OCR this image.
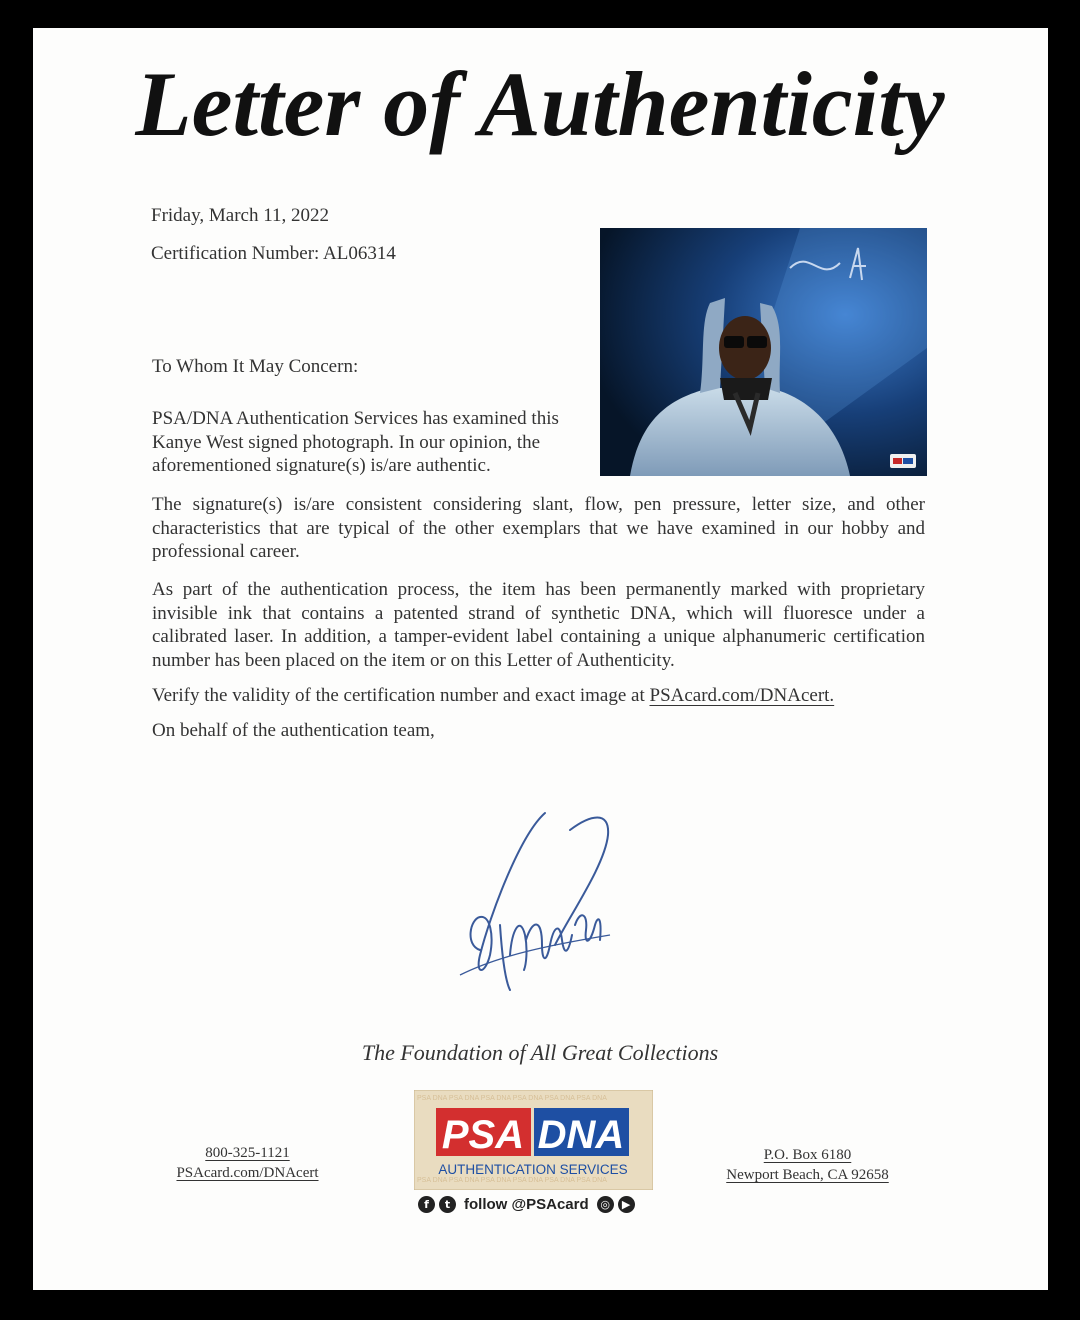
Letter of Authenticity
Friday, March 11, 2022
Certification Number: AL06314
To Whom It May Concern:
PSA/DNA Authentication Services has examined this Kanye West signed photograph. In our opinion, the aforementioned signature(s) is/are authentic.
The signature(s) is/are consistent considering slant, flow, pen pressure, letter size, and other characteristics that are typical of the other exemplars that we have examined in our hobby and professional career.
As part of the authentication process, the item has been permanently marked with proprietary invisible ink that contains a patented strand of synthetic DNA, which will fluoresce under a calibrated laser. In addition, a tamper-evident label containing a unique alphanumeric certification number has been placed on the item or on this Letter of Authenticity.
Verify the validity of the certification number and exact image at PSAcard.com/DNAcert.
On behalf of the authentication team,
The Foundation of All Great Collections
800-325-1121
PSAcard.com/DNAcert
PSA DNA PSA DNA PSA DNA PSA DNA PSA DNA PSA DNA
PSA DNA PSA DNA PSA DNA PSA DNA PSA DNA PSA DNA
PSA DNA
AUTHENTICATION SERVICES
f	t follow @PSAcard	◎	▶
P.O. Box 6180
Newport Beach, CA 92658
